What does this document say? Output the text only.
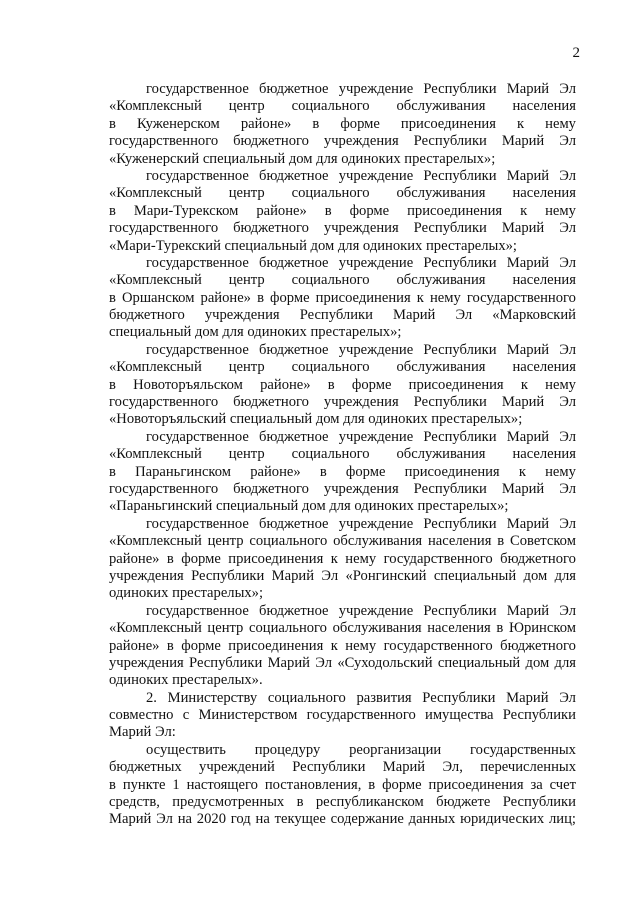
2

государственное бюджетное учреждение Республики Марий Эл
«Комплексный центр социального обслуживания населения
в Куженерском районе» в форме присоединения к нему
государственного бюджетного учреждения Республики Марий Эл
«Куженерский специальный дом для одиноких престарелых»;

государственное бюджетное учреждение Республики Марий Эл
«Комплексный центр социального обслуживания населения
в Мари-Турекском районе» в форме присоединения к нему
государственного бюджетного учреждения Республики Марий Эл
«Мари-Турекский специальный дом для одиноких престарелых»;

государственное бюджетное учреждение Республики Марий Эл
«Комплексный центр социального обслуживания населения
в Оршанском районе» в форме присоединения к нему государственного
бюджетного учреждения Республики Марий Эл «Марковский
специальный дом для одиноких престарелых»;

государственное бюджетное учреждение Республики Марий Эл
«Комплексный центр социального обслуживания населения
в Новоторъяльском районе» в форме присоединения к нему
государственного бюджетного учреждения Республики Марий Эл
«Новоторъяльский специальный дом для одиноких престарелых»;

государственное бюджетное учреждение Республики Марий Эл
«Комплексный центр социального обслуживания населения
в Параньгинском районе» в форме присоединения к нему
государственного бюджетного учреждения Республики Марий Эл
«Параньгинский специальный дом для одиноких престарелых»;

государственное бюджетное учреждение Республики Марий Эл
«Комплексный центр социального обслуживания населения в Советском
районе» в форме присоединения к нему государственного бюджетного
учреждения Республики Марий Эл «Ронгинский специальный дом для
одиноких престарелых»;

государственное бюджетное учреждение Республики Марий Эл
«Комплексный центр социального обслуживания населения в Юринском
районе» в форме присоединения к нему государственного бюджетного
учреждения Республики Марий Эл «Суходольский специальный дом для
одиноких престарелых».

2. Министерству социального развития Республики Марий Эл
совместно с Министерством государственного имущества Республики
Марий Эл:

осуществить процедуру реорганизации государственных
бюджетных учреждений Республики Марий Эл, перечисленных
в пункте 1 настоящего постановления, в форме присоединения за счет
средств, предусмотренных в республиканском бюджете Республики
Марий Эл на 2020 год на текущее содержание данных юридических лиц;
